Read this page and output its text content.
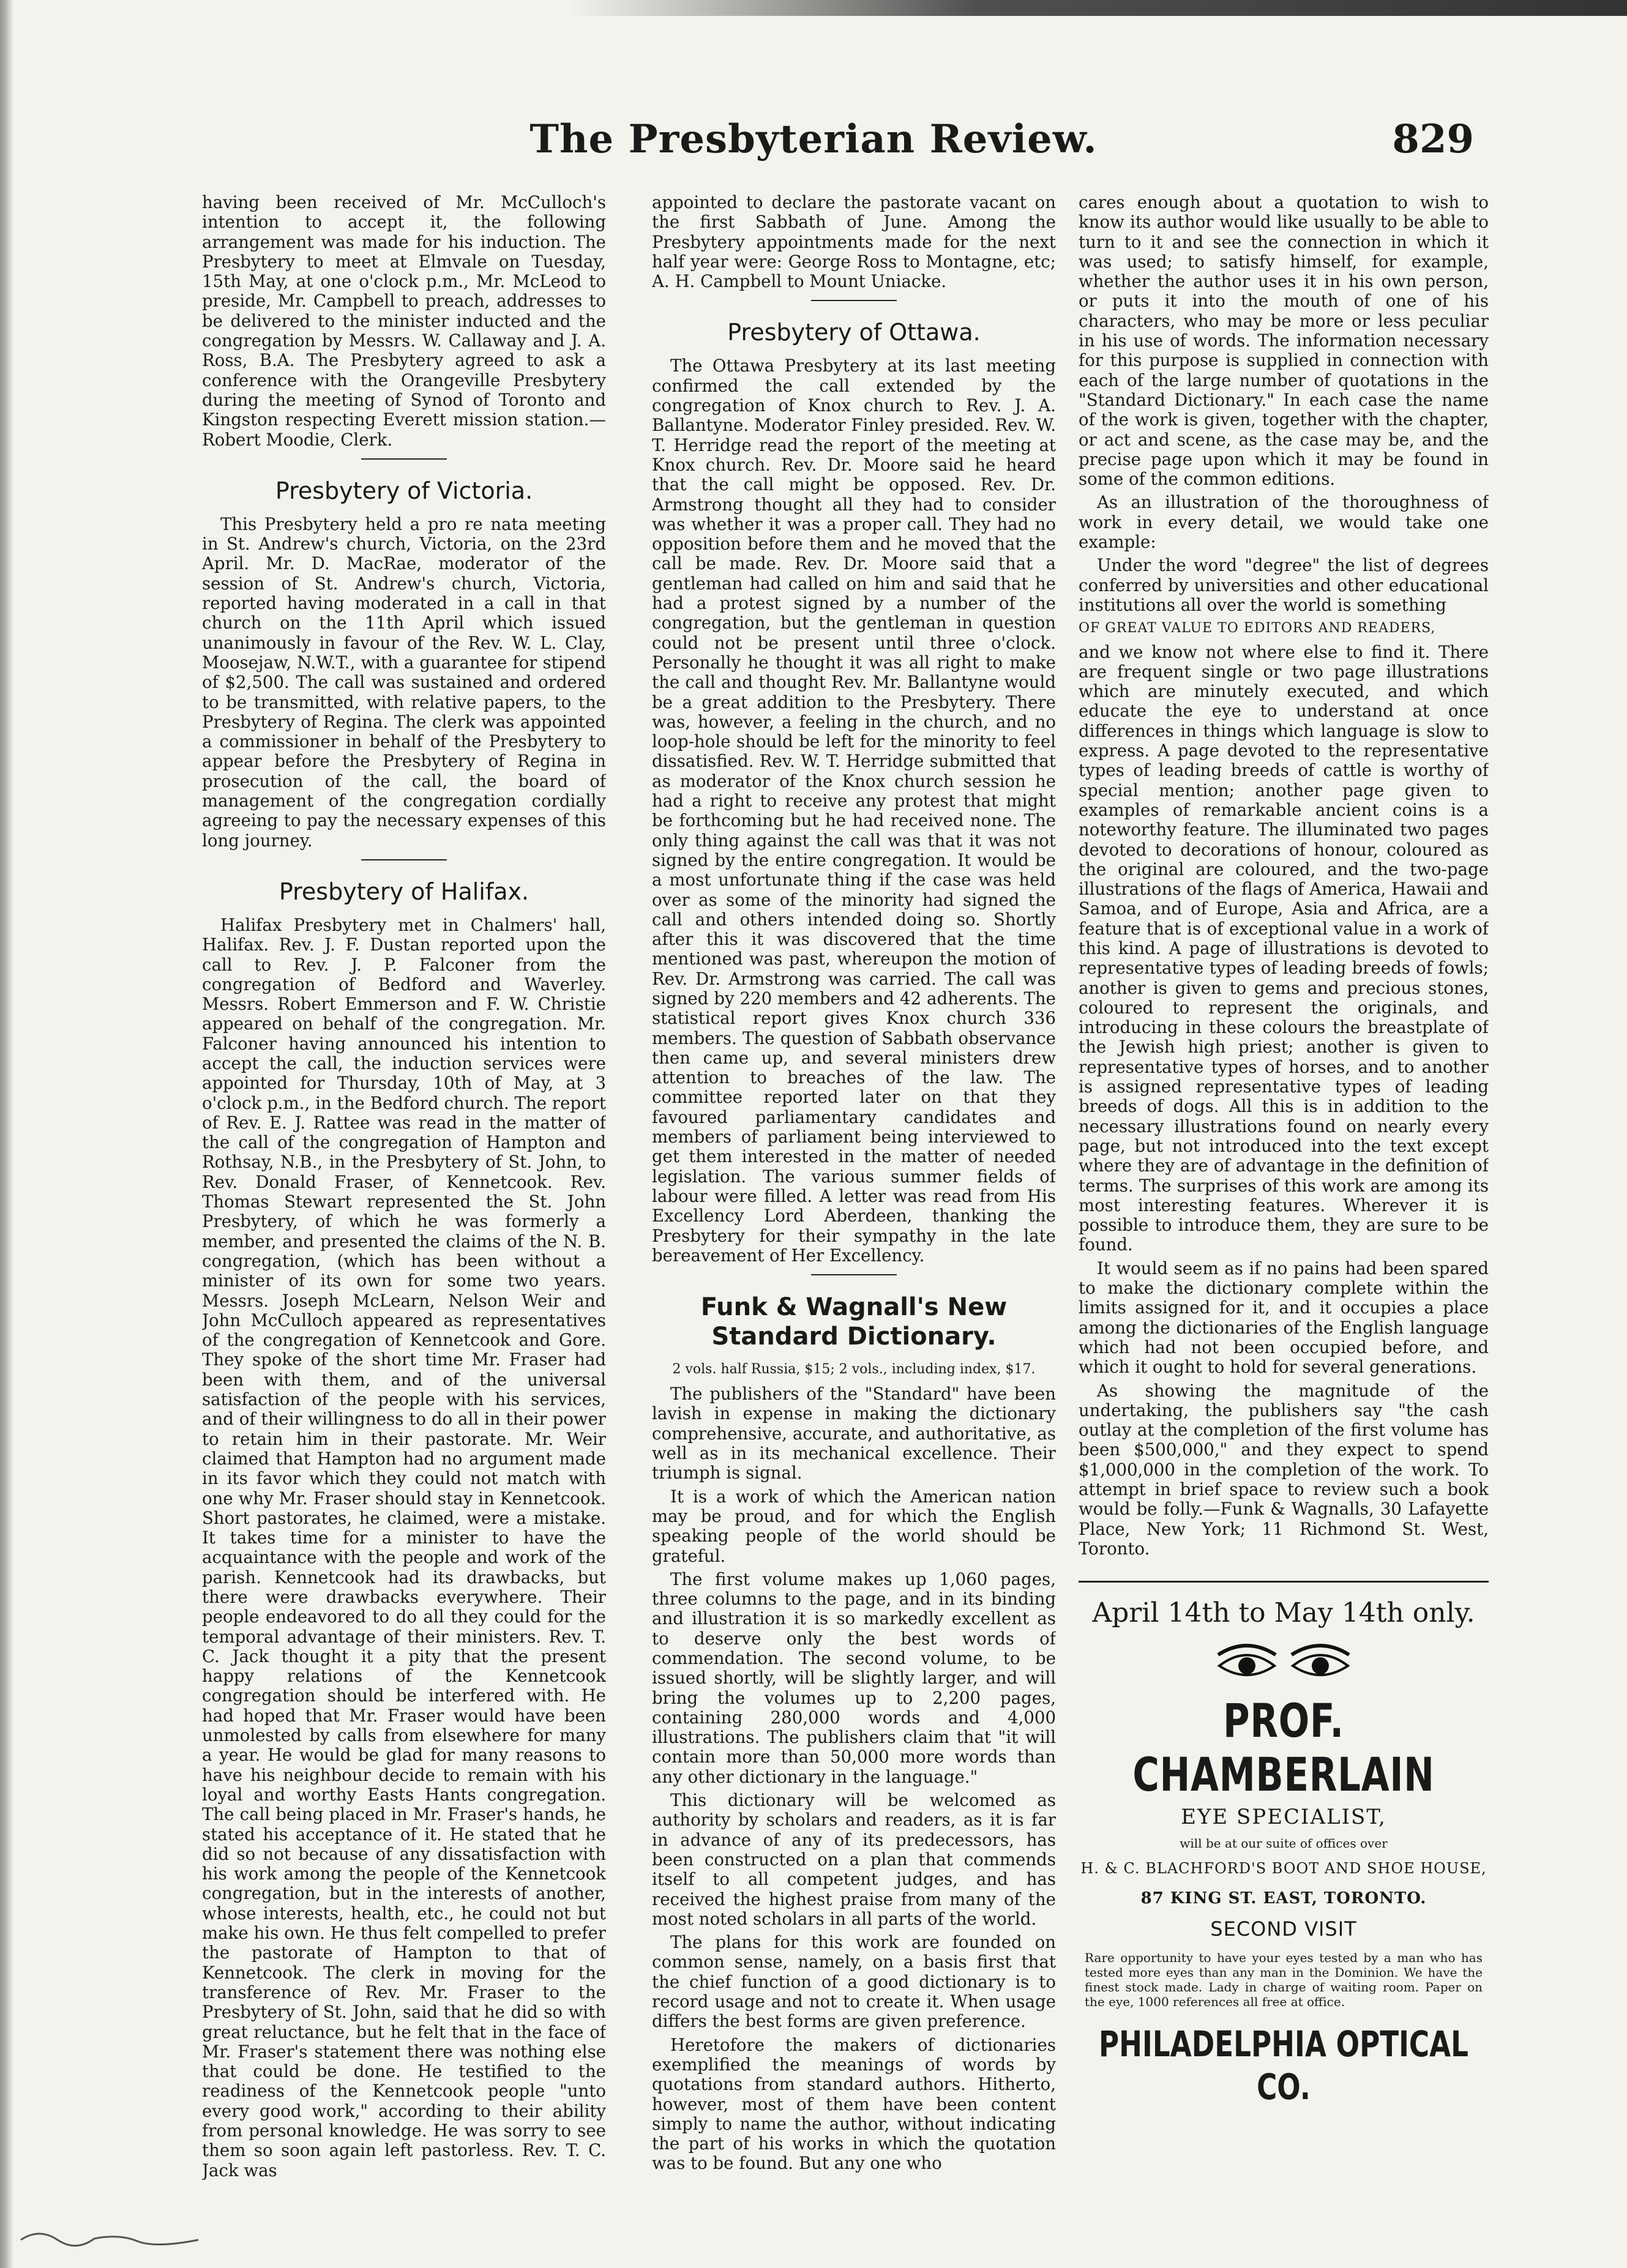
The Presbyterian Review.	829

having been received of Mr. McCulloch's intention to accept it, the following arrangement was made for his induction. The Presbytery to meet at Elmvale on Tuesday, 15th May, at one o'clock p.m., Mr. McLeod to preside, Mr. Campbell to preach, addresses to be delivered to the minister inducted and the congregation by Messrs. W. Callaway and J. A. Ross, B.A. The Presbytery agreed to ask a conference with the Orangeville Presbytery during the meeting of Synod of Toronto and Kingston respecting Everett mission station.—Robert Moodie, Clerk.

Presbytery of Victoria.

This Presbytery held a pro re nata meeting in St. Andrew's church, Victoria, on the 23rd April. Mr. D. MacRae, moderator of the session of St. Andrew's church, Victoria, reported having moderated in a call in that church on the 11th April which issued unanimously in favour of the Rev. W. L. Clay, Moosejaw, N.W.T., with a guarantee for stipend of $2,500. The call was sustained and ordered to be transmitted, with relative papers, to the Presbytery of Regina. The clerk was appointed a commissioner in behalf of the Presbytery to appear before the Presbytery of Regina in prosecution of the call, the board of management of the congregation cordially agreeing to pay the necessary expenses of this long journey.

Presbytery of Halifax.

Halifax Presbytery met in Chalmers' hall, Halifax. Rev. J. F. Dustan reported upon the call to Rev. J. P. Falconer from the congregation of Bedford and Waverley. Messrs. Robert Emmerson and F. W. Christie appeared on behalf of the congregation. Mr. Falconer having announced his intention to accept the call, the induction services were appointed for Thursday, 10th of May, at 3 o'clock p.m., in the Bedford church. The report of Rev. E. J. Rattee was read in the matter of the call of the congregation of Hampton and Rothsay, N.B., in the Presbytery of St. John, to Rev. Donald Fraser, of Kennetcook. Rev. Thomas Stewart represented the St. John Presbytery, of which he was formerly a member, and presented the claims of the N. B. congregation, (which has been without a minister of its own for some two years. Messrs. Joseph McLearn, Nelson Weir and John McCulloch appeared as representatives of the congregation of Kennetcook and Gore. They spoke of the short time Mr. Fraser had been with them, and of the universal satisfaction of the people with his services, and of their willingness to do all in their power to retain him in their pastorate. Mr. Weir claimed that Hampton had no argument made in its favor which they could not match with one why Mr. Fraser should stay in Kennetcook. Short pastorates, he claimed, were a mistake. It takes time for a minister to have the acquaintance with the people and work of the parish. Kennetcook had its drawbacks, but there were drawbacks everywhere. Their people endeavored to do all they could for the temporal advantage of their ministers. Rev. T. C. Jack thought it a pity that the present happy relations of the Kennetcook congregation should be interfered with. He had hoped that Mr. Fraser would have been unmolested by calls from elsewhere for many a year. He would be glad for many reasons to have his neighbour decide to remain with his loyal and worthy Easts Hants congregation. The call being placed in Mr. Fraser's hands, he stated his acceptance of it. He stated that he did so not because of any dissatisfaction with his work among the people of the Kennetcook congregation, but in the interests of another, whose interests, health, etc., he could not but make his own. He thus felt compelled to prefer the pastorate of Hampton to that of Kennetcook. The clerk in moving for the transference of Rev. Mr. Fraser to the Presbytery of St. John, said that he did so with great reluctance, but he felt that in the face of Mr. Fraser's statement there was nothing else that could be done. He testified to the readiness of the Kennetcook people "unto every good work," according to their ability from personal knowledge. He was sorry to see them so soon again left pastorless. Rev. T. C. Jack was

appointed to declare the pastorate vacant on the first Sabbath of June. Among the Presbytery appointments made for the next half year were: George Ross to Montagne, etc; A. H. Campbell to Mount Uniacke.

Presbytery of Ottawa.

The Ottawa Presbytery at its last meeting confirmed the call extended by the congregation of Knox church to Rev. J. A. Ballantyne. Moderator Finley presided. Rev. W. T. Herridge read the report of the meeting at Knox church. Rev. Dr. Moore said he heard that the call might be opposed. Rev. Dr. Armstrong thought all they had to consider was whether it was a proper call. They had no opposition before them and he moved that the call be made. Rev. Dr. Moore said that a gentleman had called on him and said that he had a protest signed by a number of the congregation, but the gentleman in question could not be present until three o'clock. Personally he thought it was all right to make the call and thought Rev. Mr. Ballantyne would be a great addition to the Presbytery. There was, however, a feeling in the church, and no loop-hole should be left for the minority to feel dissatisfied. Rev. W. T. Herridge submitted that as moderator of the Knox church session he had a right to receive any protest that might be forthcoming but he had received none. The only thing against the call was that it was not signed by the entire congregation. It would be a most unfortunate thing if the case was held over as some of the minority had signed the call and others intended doing so. Shortly after this it was discovered that the time mentioned was past, whereupon the motion of Rev. Dr. Armstrong was carried. The call was signed by 220 members and 42 adherents. The statistical report gives Knox church 336 members. The question of Sabbath observance then came up, and several ministers drew attention to breaches of the law. The committee reported later on that they favoured parliamentary candidates and members of parliament being interviewed to get them interested in the matter of needed legislation. The various summer fields of labour were filled. A letter was read from His Excellency Lord Aberdeen, thanking the Presbytery for their sympathy in the late bereavement of Her Excellency.

Funk & Wagnall's New Standard Dictionary.
2 vols. half Russia, $15; 2 vols., including index, $17.

The publishers of the "Standard" have been lavish in expense in making the dictionary comprehensive, accurate, and authoritative, as well as in its mechanical excellence. Their triumph is signal.

It is a work of which the American nation may be proud, and for which the English speaking people of the world should be grateful.

The first volume makes up 1,060 pages, three columns to the page, and in its binding and illustration it is so markedly excellent as to deserve only the best words of commendation. The second volume, to be issued shortly, will be slightly larger, and will bring the volumes up to 2,200 pages, containing 280,000 words and 4,000 illustrations. The publishers claim that "it will contain more than 50,000 more words than any other dictionary in the language."

This dictionary will be welcomed as authority by scholars and readers, as it is far in advance of any of its predecessors, has been constructed on a plan that commends itself to all competent judges, and has received the highest praise from many of the most noted scholars in all parts of the world.

The plans for this work are founded on common sense, namely, on a basis first that the chief function of a good dictionary is to record usage and not to create it. When usage differs the best forms are given preference.

Heretofore the makers of dictionaries exemplified the meanings of words by quotations from standard authors. Hitherto, however, most of them have been content simply to name the author, without indicating the part of his works in which the quotation was to be found. But any one who

cares enough about a quotation to wish to know its author would like usually to be able to turn to it and see the connection in which it was used; to satisfy himself, for example, whether the author uses it in his own person, or puts it into the mouth of one of his characters, who may be more or less peculiar in his use of words. The information necessary for this purpose is supplied in connection with each of the large number of quotations in the "Standard Dictionary." In each case the name of the work is given, together with the chapter, or act and scene, as the case may be, and the precise page upon which it may be found in some of the common editions.

As an illustration of the thoroughness of work in every detail, we would take one example:

Under the word "degree" the list of degrees conferred by universities and other educational institutions all over the world is something

OF GREAT VALUE TO EDITORS AND READERS,

and we know not where else to find it. There are frequent single or two page illustrations which are minutely executed, and which educate the eye to understand at once differences in things which language is slow to express. A page devoted to the representative types of leading breeds of cattle is worthy of special mention; another page given to examples of remarkable ancient coins is a noteworthy feature. The illuminated two pages devoted to decorations of honour, coloured as the original are coloured, and the two-page illustrations of the flags of America, Hawaii and Samoa, and of Europe, Asia and Africa, are a feature that is of exceptional value in a work of this kind. A page of illustrations is devoted to representative types of leading breeds of fowls; another is given to gems and precious stones, coloured to represent the originals, and introducing in these colours the breastplate of the Jewish high priest; another is given to representative types of horses, and to another is assigned representative types of leading breeds of dogs. All this is in addition to the necessary illustrations found on nearly every page, but not introduced into the text except where they are of advantage in the definition of terms. The surprises of this work are among its most interesting features. Wherever it is possible to introduce them, they are sure to be found.

It would seem as if no pains had been spared to make the dictionary complete within the limits assigned for it, and it occupies a place among the dictionaries of the English language which had not been occupied before, and which it ought to hold for several generations.

As showing the magnitude of the undertaking, the publishers say "the cash outlay at the completion of the first volume has been $500,000," and they expect to spend $1,000,000 in the completion of the work. To attempt in brief space to review such a book would be folly.—Funk & Wagnalls, 30 Lafayette Place, New York; 11 Richmond St. West, Toronto.

April 14th to May 14th only.
PROF. CHAMBERLAIN
EYE SPECIALIST,
will be at our suite of offices over
H. & C. BLACHFORD'S BOOT AND SHOE HOUSE,
87 KING ST. EAST, TORONTO.
SECOND VISIT
Rare opportunity to have your eyes tested by a man who has tested more eyes than any man in the Dominion. We have the finest stock made. Lady in charge of waiting room. Paper on the eye, 1000 references all free at office.
PHILADELPHIA OPTICAL CO.
